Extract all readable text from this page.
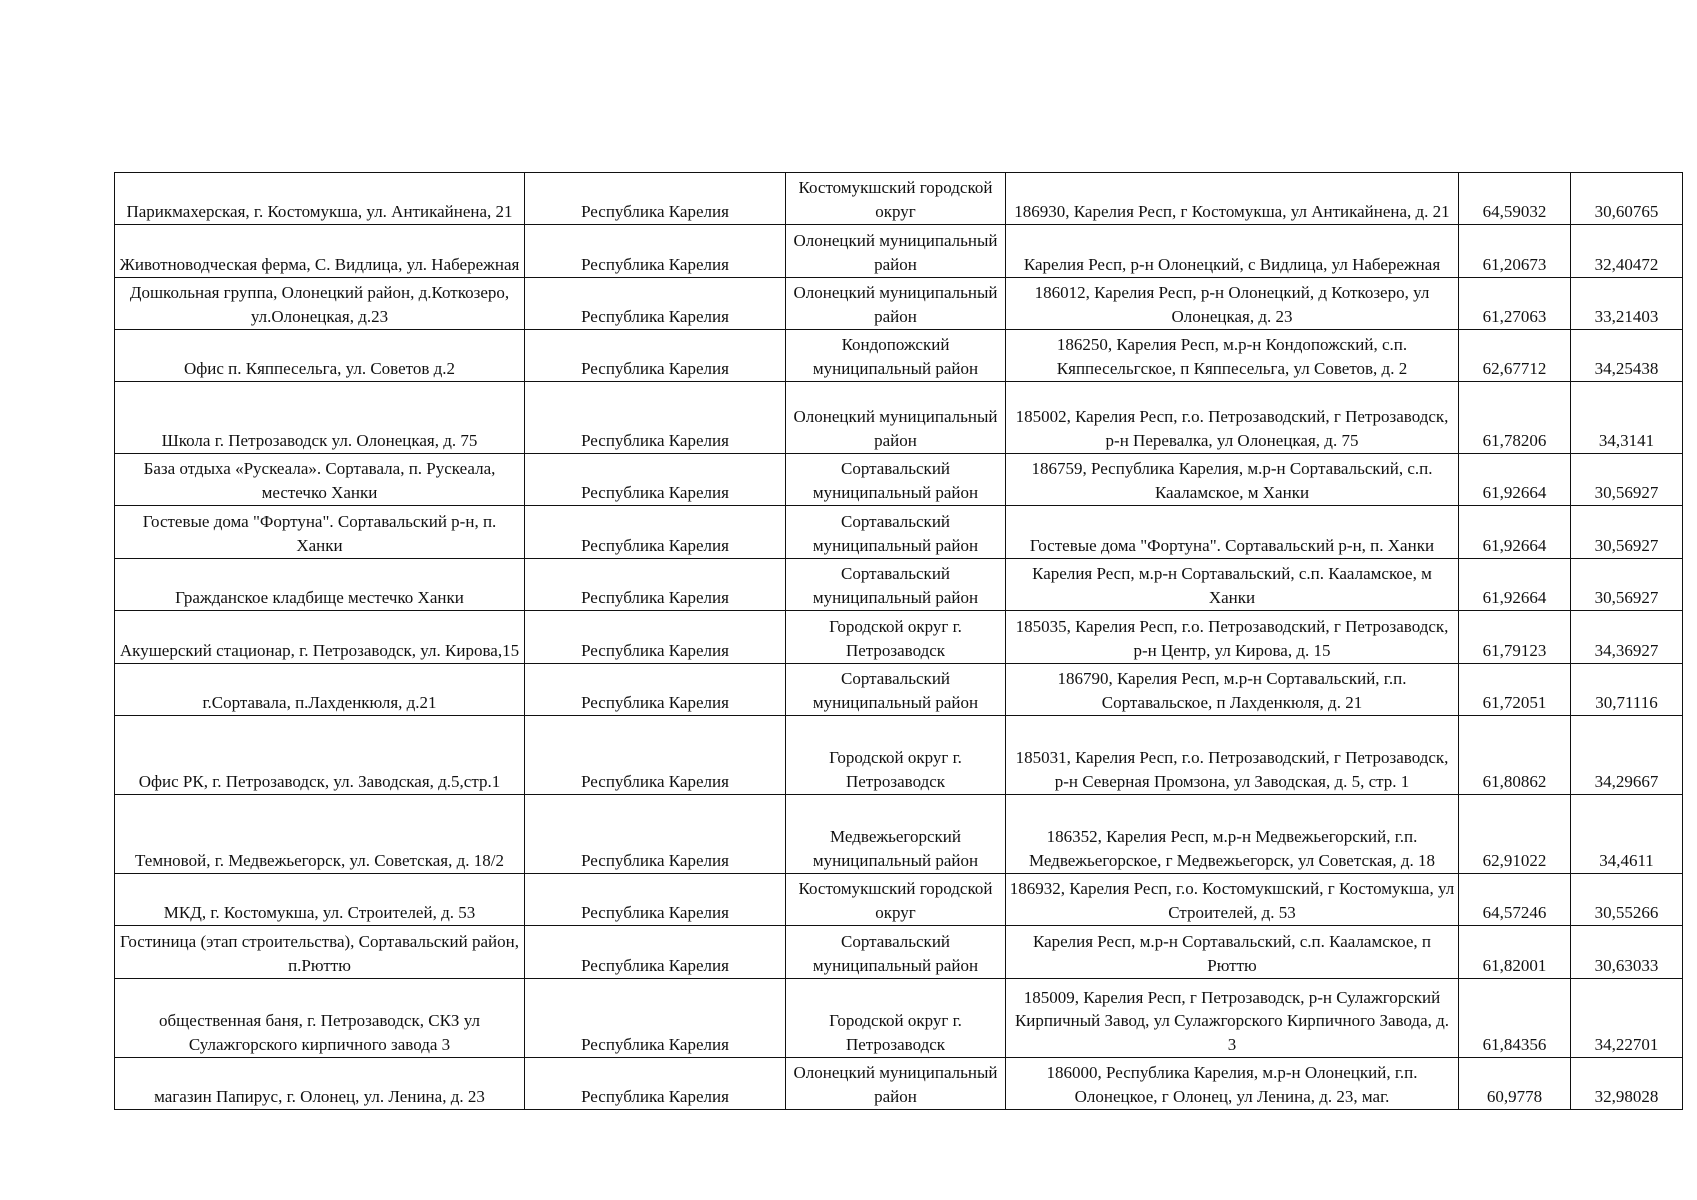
Парикмахерская, г. Костомукша, ул. Антикайнена, 21	Республика Карелия	Костомукшский городской округ	186930, Карелия Респ, г Костомукша, ул Антикайнена, д. 21	64,59032	30,60765
Животноводческая ферма, С. Видлица, ул. Набережная	Республика Карелия	Олонецкий муниципальный район	Карелия Респ, р-н Олонецкий, с Видлица, ул Набережная	61,20673	32,40472
Дошкольная группа, Олонецкий район, д.Коткозеро, ул.Олонецкая, д.23	Республика Карелия	Олонецкий муниципальный район	186012, Карелия Респ, р-н Олонецкий, д Коткозеро, ул Олонецкая, д. 23	61,27063	33,21403
Офис п. Кяппесельга, ул. Советов д.2	Республика Карелия	Кондопожский муниципальный район	186250, Карелия Респ, м.р-н Кондопожский, с.п. Кяппесельгское, п Кяппесельга, ул Советов, д. 2	62,67712	34,25438
Школа г. Петрозаводск ул. Олонецкая, д. 75	Республика Карелия	Олонецкий муниципальный район	185002, Карелия Респ, г.о. Петрозаводский, г Петрозаводск, р-н Перевалка, ул Олонецкая, д. 75	61,78206	34,3141
База отдыха «Рускеала». Сортавала, п. Рускеала, местечко Ханки	Республика Карелия	Сортавальский муниципальный район	186759, Республика Карелия, м.р-н Сортавальский, с.п. Кааламское, м Ханки	61,92664	30,56927
Гостевые дома "Фортуна". Сортавальский р-н, п. Ханки	Республика Карелия	Сортавальский муниципальный район	Гостевые дома "Фортуна". Сортавальский р-н, п. Ханки	61,92664	30,56927
Гражданское кладбище местечко Ханки	Республика Карелия	Сортавальский муниципальный район	Карелия Респ, м.р-н Сортавальский, с.п. Кааламское, м Ханки	61,92664	30,56927
Акушерский стационар, г. Петрозаводск, ул. Кирова,15	Республика Карелия	Городской округ г. Петрозаводск	185035, Карелия Респ, г.о. Петрозаводский, г Петрозаводск, р-н Центр, ул Кирова, д. 15	61,79123	34,36927
г.Сортавала, п.Лахденкюля, д.21	Республика Карелия	Сортавальский муниципальный район	186790, Карелия Респ, м.р-н Сортавальский, г.п. Сортавальское, п Лахденкюля, д. 21	61,72051	30,71116
Офис РК, г. Петрозаводск, ул. Заводская, д.5,стр.1	Республика Карелия	Городской округ г. Петрозаводск	185031, Карелия Респ, г.о. Петрозаводский, г Петрозаводск, р-н Северная Промзона, ул Заводская, д. 5, стр. 1	61,80862	34,29667
Темновой, г. Медвежьегорск, ул. Советская, д. 18/2	Республика Карелия	Медвежьегорский муниципальный район	186352, Карелия Респ, м.р-н Медвежьегорский, г.п. Медвежьегорское, г Медвежьегорск, ул Советская, д. 18	62,91022	34,4611
МКД, г. Костомукша, ул. Строителей, д. 53	Республика Карелия	Костомукшский городской округ	186932, Карелия Респ, г.о. Костомукшский, г Костомукша, ул Строителей, д. 53	64,57246	30,55266
Гостиница (этап строительства), Сортавальский район, п.Рюттю	Республика Карелия	Сортавальский муниципальный район	Карелия Респ, м.р-н Сортавальский, с.п. Кааламское, п Рюттю	61,82001	30,63033
общественная баня, г. Петрозаводск, СКЗ ул Сулажгорского кирпичного завода 3	Республика Карелия	Городской округ г. Петрозаводск	185009, Карелия Респ, г Петрозаводск, р-н Сулажгорский Кирпичный Завод, ул Сулажгорского Кирпичного Завода, д. 3	61,84356	34,22701
магазин Папирус, г. Олонец, ул. Ленина, д. 23	Республика Карелия	Олонецкий муниципальный район	186000, Республика Карелия, м.р-н Олонецкий, г.п. Олонецкое, г Олонец, ул Ленина, д. 23, маг.	60,9778	32,98028
